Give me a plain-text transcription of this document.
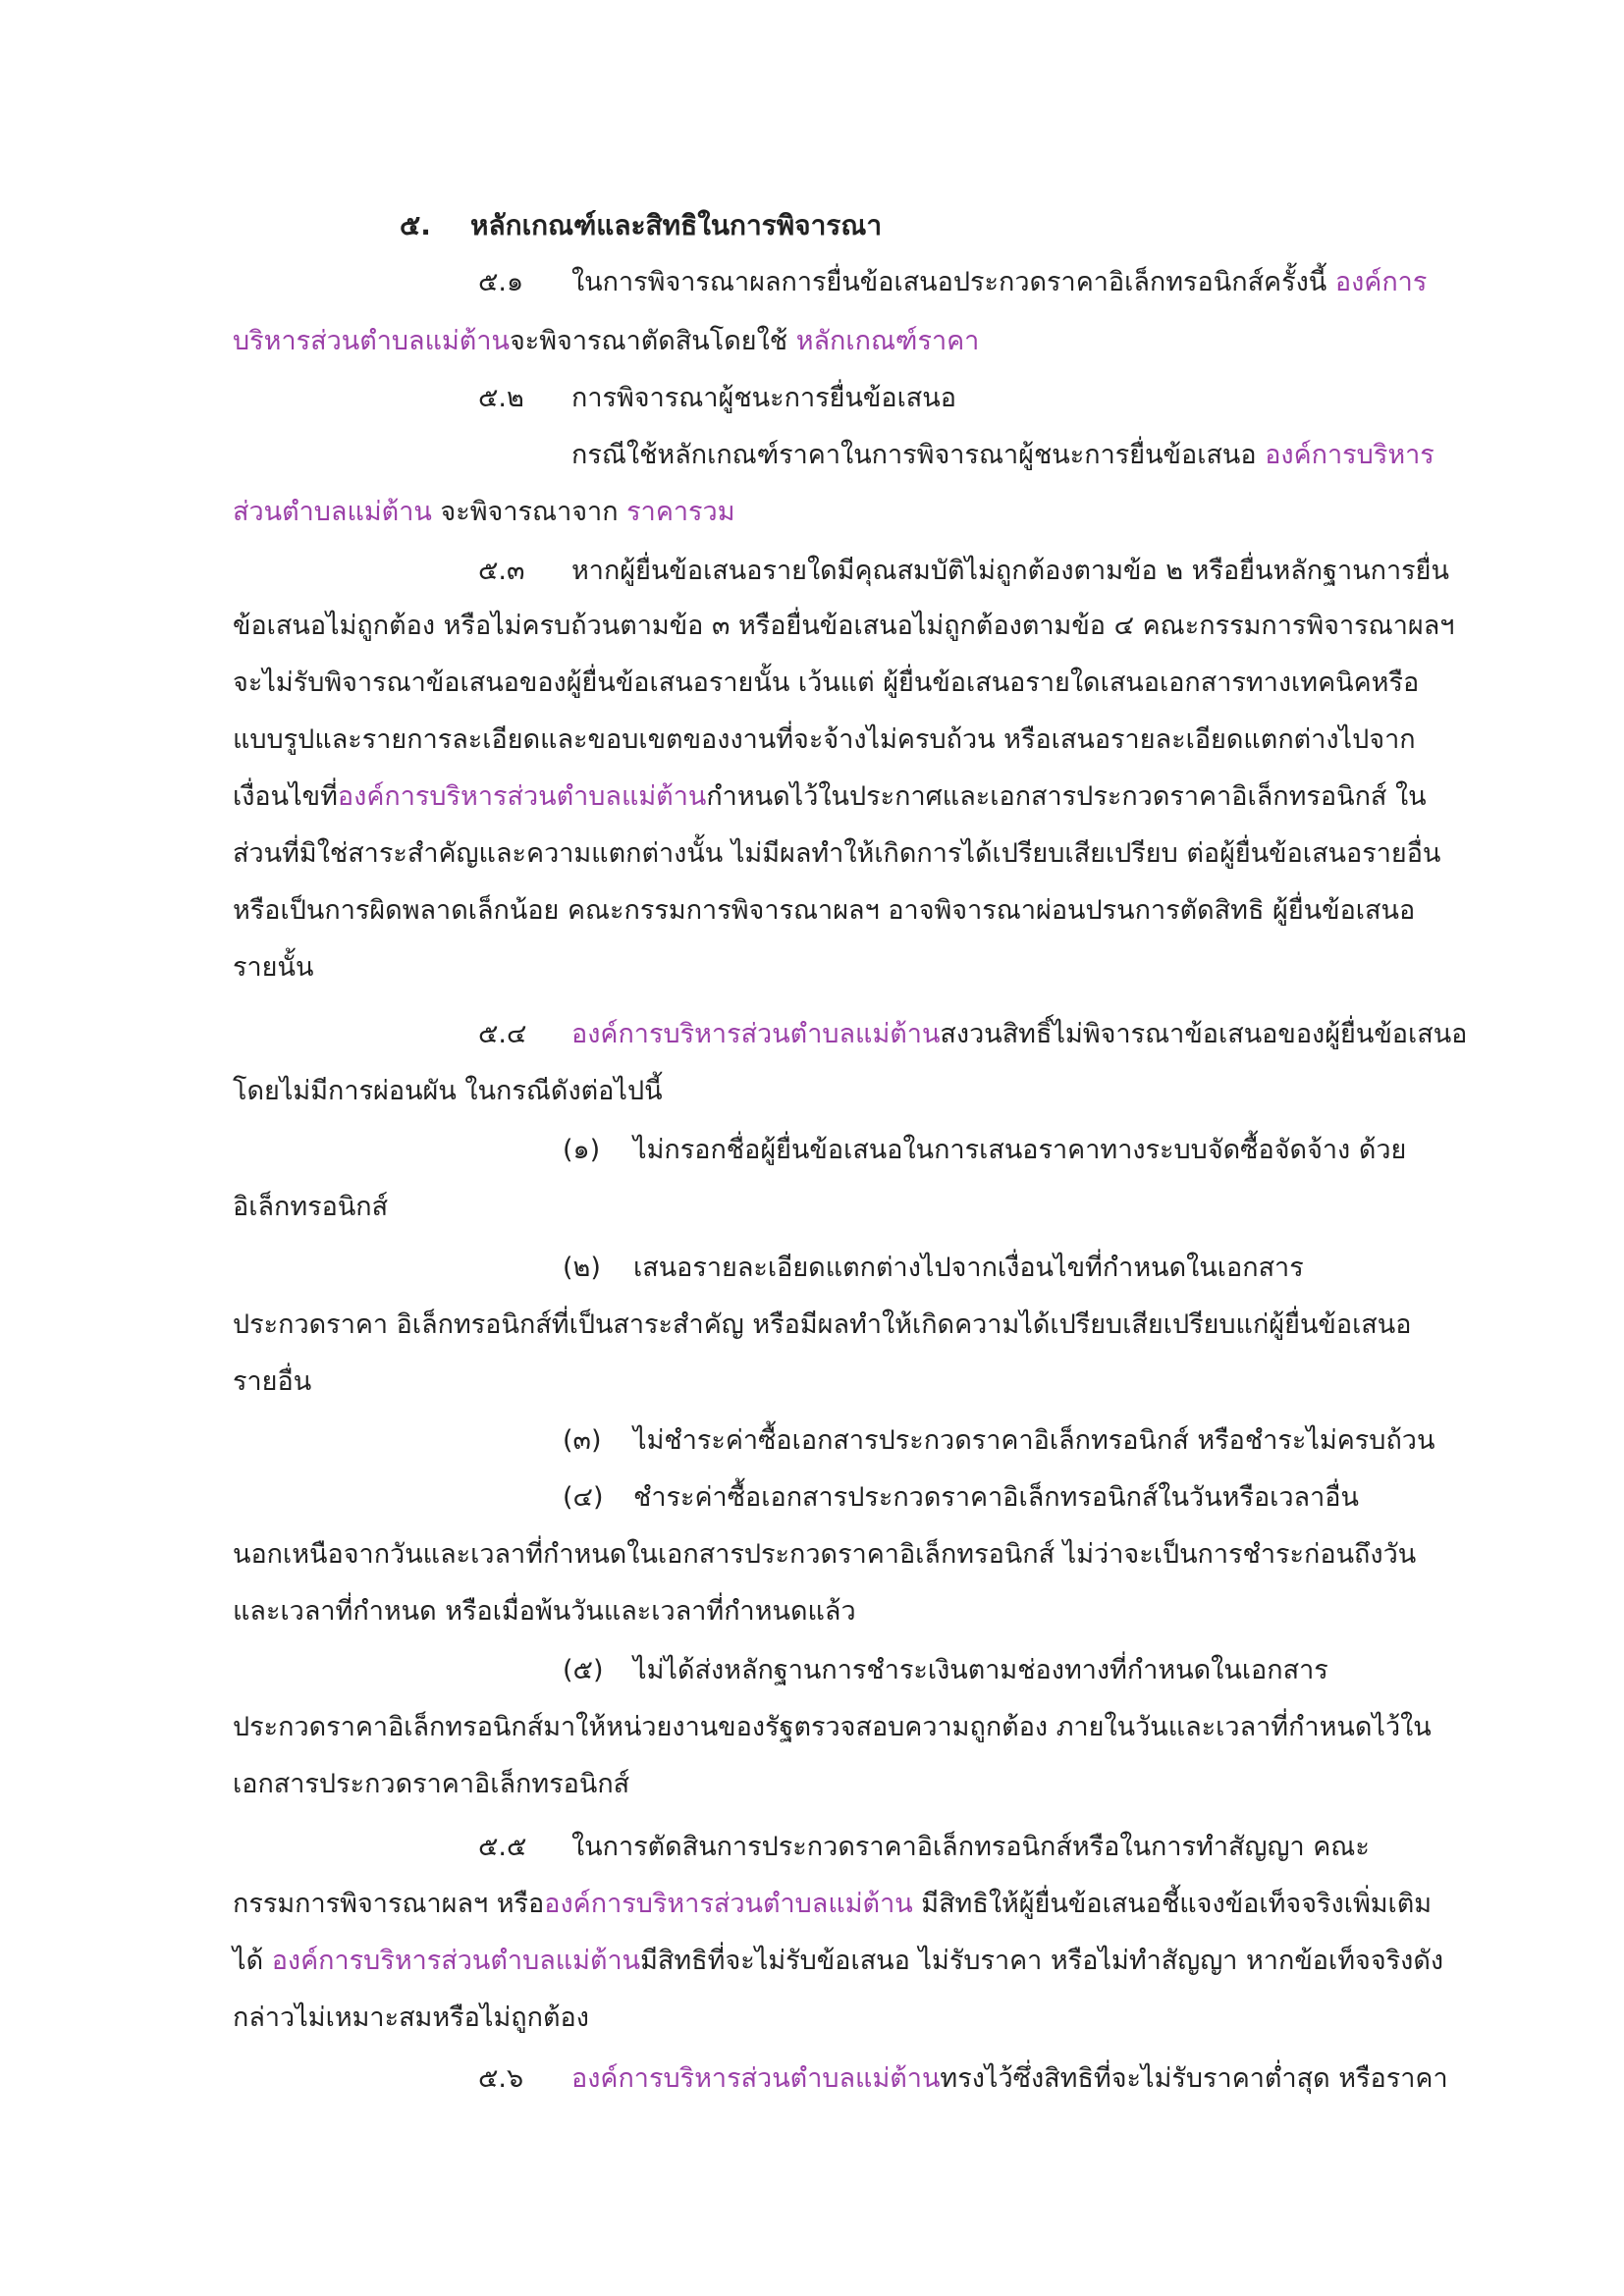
๕. หลักเกณฑ์และสิทธิในการพิจารณา
๕.๑ ในการพิจารณาผลการยื่นข้อเสนอประกวดราคาอิเล็กทรอนิกส์ครั้งนี้ องค์การ
บริหารส่วนตำบลแม่ต้านจะพิจารณาตัดสินโดยใช้ หลักเกณฑ์ราคา
๕.๒ การพิจารณาผู้ชนะการยื่นข้อเสนอ
กรณีใช้หลักเกณฑ์ราคาในการพิจารณาผู้ชนะการยื่นข้อเสนอ องค์การบริหาร
ส่วนตำบลแม่ต้าน จะพิจารณาจาก ราคารวม
๕.๓ หากผู้ยื่นข้อเสนอรายใดมีคุณสมบัติไม่ถูกต้องตามข้อ ๒ หรือยื่นหลักฐานการยื่น
ข้อเสนอไม่ถูกต้อง หรือไม่ครบถ้วนตามข้อ ๓ หรือยื่นข้อเสนอไม่ถูกต้องตามข้อ ๔ คณะกรรมการพิจารณาผลฯ
จะไม่รับพิจารณาข้อเสนอของผู้ยื่นข้อเสนอรายนั้น เว้นแต่ ผู้ยื่นข้อเสนอรายใดเสนอเอกสารทางเทคนิคหรือ
แบบรูปและรายการละเอียดและขอบเขตของงานที่จะจ้างไม่ครบถ้วน หรือเสนอรายละเอียดแตกต่างไปจาก
เงื่อนไขที่องค์การบริหารส่วนตำบลแม่ต้านกำหนดไว้ในประกาศและเอกสารประกวดราคาอิเล็กทรอนิกส์ ใน
ส่วนที่มิใช่สาระสำคัญและความแตกต่างนั้น ไม่มีผลทำให้เกิดการได้เปรียบเสียเปรียบ ต่อผู้ยื่นข้อเสนอรายอื่น
หรือเป็นการผิดพลาดเล็กน้อย คณะกรรมการพิจารณาผลฯ อาจพิจารณาผ่อนปรนการตัดสิทธิ ผู้ยื่นข้อเสนอ
รายนั้น
๕.๔ องค์การบริหารส่วนตำบลแม่ต้านสงวนสิทธิ์ไม่พิจารณาข้อเสนอของผู้ยื่นข้อเสนอ
โดยไม่มีการผ่อนผัน ในกรณีดังต่อไปนี้
(๑) ไม่กรอกชื่อผู้ยื่นข้อเสนอในการเสนอราคาทางระบบจัดซื้อจัดจ้าง ด้วย
อิเล็กทรอนิกส์
(๒) เสนอรายละเอียดแตกต่างไปจากเงื่อนไขที่กำหนดในเอกสาร
ประกวดราคา อิเล็กทรอนิกส์ที่เป็นสาระสำคัญ หรือมีผลทำให้เกิดความได้เปรียบเสียเปรียบแก่ผู้ยื่นข้อเสนอ
รายอื่น
(๓) ไม่ชำระค่าซื้อเอกสารประกวดราคาอิเล็กทรอนิกส์ หรือชำระไม่ครบถ้วน
(๔) ชำระค่าซื้อเอกสารประกวดราคาอิเล็กทรอนิกส์ในวันหรือเวลาอื่น
นอกเหนือจากวันและเวลาที่กำหนดในเอกสารประกวดราคาอิเล็กทรอนิกส์ ไม่ว่าจะเป็นการชำระก่อนถึงวัน
และเวลาที่กำหนด หรือเมื่อพ้นวันและเวลาที่กำหนดแล้ว
(๕) ไม่ได้ส่งหลักฐานการชำระเงินตามช่องทางที่กำหนดในเอกสาร
ประกวดราคาอิเล็กทรอนิกส์มาให้หน่วยงานของรัฐตรวจสอบความถูกต้อง ภายในวันและเวลาที่กำหนดไว้ใน
เอกสารประกวดราคาอิเล็กทรอนิกส์
๕.๕ ในการตัดสินการประกวดราคาอิเล็กทรอนิกส์หรือในการทำสัญญา คณะ
กรรมการพิจารณาผลฯ หรือองค์การบริหารส่วนตำบลแม่ต้าน มีสิทธิให้ผู้ยื่นข้อเสนอชี้แจงข้อเท็จจริงเพิ่มเติม
ได้ องค์การบริหารส่วนตำบลแม่ต้านมีสิทธิที่จะไม่รับข้อเสนอ ไม่รับราคา หรือไม่ทำสัญญา หากข้อเท็จจริงดัง
กล่าวไม่เหมาะสมหรือไม่ถูกต้อง
๕.๖ องค์การบริหารส่วนตำบลแม่ต้านทรงไว้ซึ่งสิทธิที่จะไม่รับราคาต่ำสุด หรือราคา
